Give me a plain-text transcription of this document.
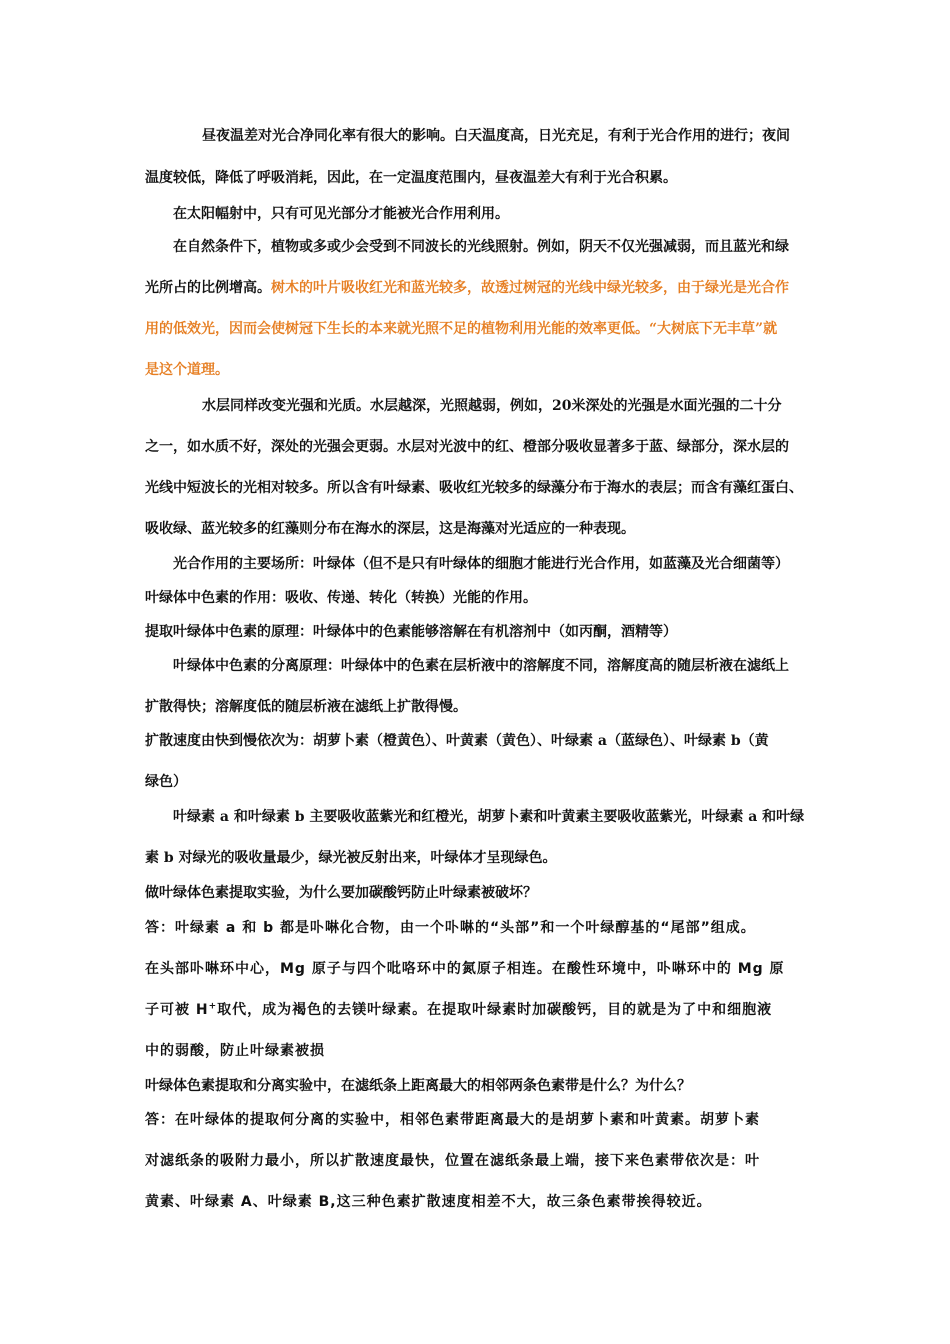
昼夜温差对光合净同化率有很大的影响。白天温度高，日光充足，有利于光合作用的进行；夜间
温度较低，降低了呼吸消耗，因此，在一定温度范围内，昼夜温差大有利于光合积累。
在太阳幅射中，只有可见光部分才能被光合作用利用。
在自然条件下，植物或多或少会受到不同波长的光线照射。例如，阴天不仅光强减弱，而且蓝光和绿
光所占的比例增高。树木的叶片吸收红光和蓝光较多，故透过树冠的光线中绿光较多，由于绿光是光合作
用的低效光，因而会使树冠下生长的本来就光照不足的植物利用光能的效率更低。“大树底下无丰草”就
是这个道理。
水层同样改变光强和光质。水层越深，光照越弱，例如，20米深处的光强是水面光强的二十分
之一，如水质不好，深处的光强会更弱。水层对光波中的红、橙部分吸收显著多于蓝、绿部分，深水层的
光线中短波长的光相对较多。所以含有叶绿素、吸收红光较多的绿藻分布于海水的表层；而含有藻红蛋白、
吸收绿、蓝光较多的红藻则分布在海水的深层，这是海藻对光适应的一种表现。
光合作用的主要场所：叶绿体（但不是只有叶绿体的细胞才能进行光合作用，如蓝藻及光合细菌等）
叶绿体中色素的作用：吸收、传递、转化（转换）光能的作用。
提取叶绿体中色素的原理：叶绿体中的色素能够溶解在有机溶剂中（如丙酮，酒精等）
叶绿体中色素的分离原理：叶绿体中的色素在层析液中的溶解度不同，溶解度高的随层析液在滤纸上
扩散得快；溶解度低的随层析液在滤纸上扩散得慢。
扩散速度由快到慢依次为：胡萝卜素（橙黄色）、叶黄素（黄色）、叶绿素 a（蓝绿色）、叶绿素 b（黄
绿色）
叶绿素 a 和叶绿素 b 主要吸收蓝紫光和红橙光，胡萝卜素和叶黄素主要吸收蓝紫光，叶绿素 a 和叶绿
素 b 对绿光的吸收量最少，绿光被反射出来，叶绿体才呈现绿色。
做叶绿体色素提取实验，为什么要加碳酸钙防止叶绿素被破坏？
答：叶绿素 a 和 b 都是卟啉化合物，由一个卟啉的“头部”和一个叶绿醇基的“尾部”组成。
在头部卟啉环中心，Mg 原子与四个吡咯环中的氮原子相连。在酸性环境中，卟啉环中的 Mg 原
子可被 H+取代，成为褐色的去镁叶绿素。在提取叶绿素时加碳酸钙，目的就是为了中和细胞液
中的弱酸，防止叶绿素被损
叶绿体色素提取和分离实验中，在滤纸条上距离最大的相邻两条色素带是什么？为什么？
答：在叶绿体的提取何分离的实验中，相邻色素带距离最大的是胡萝卜素和叶黄素。胡萝卜素
对滤纸条的吸附力最小，所以扩散速度最快，位置在滤纸条最上端，接下来色素带依次是：叶
黄素、叶绿素 A、叶绿素 B,这三种色素扩散速度相差不大，故三条色素带挨得较近。
